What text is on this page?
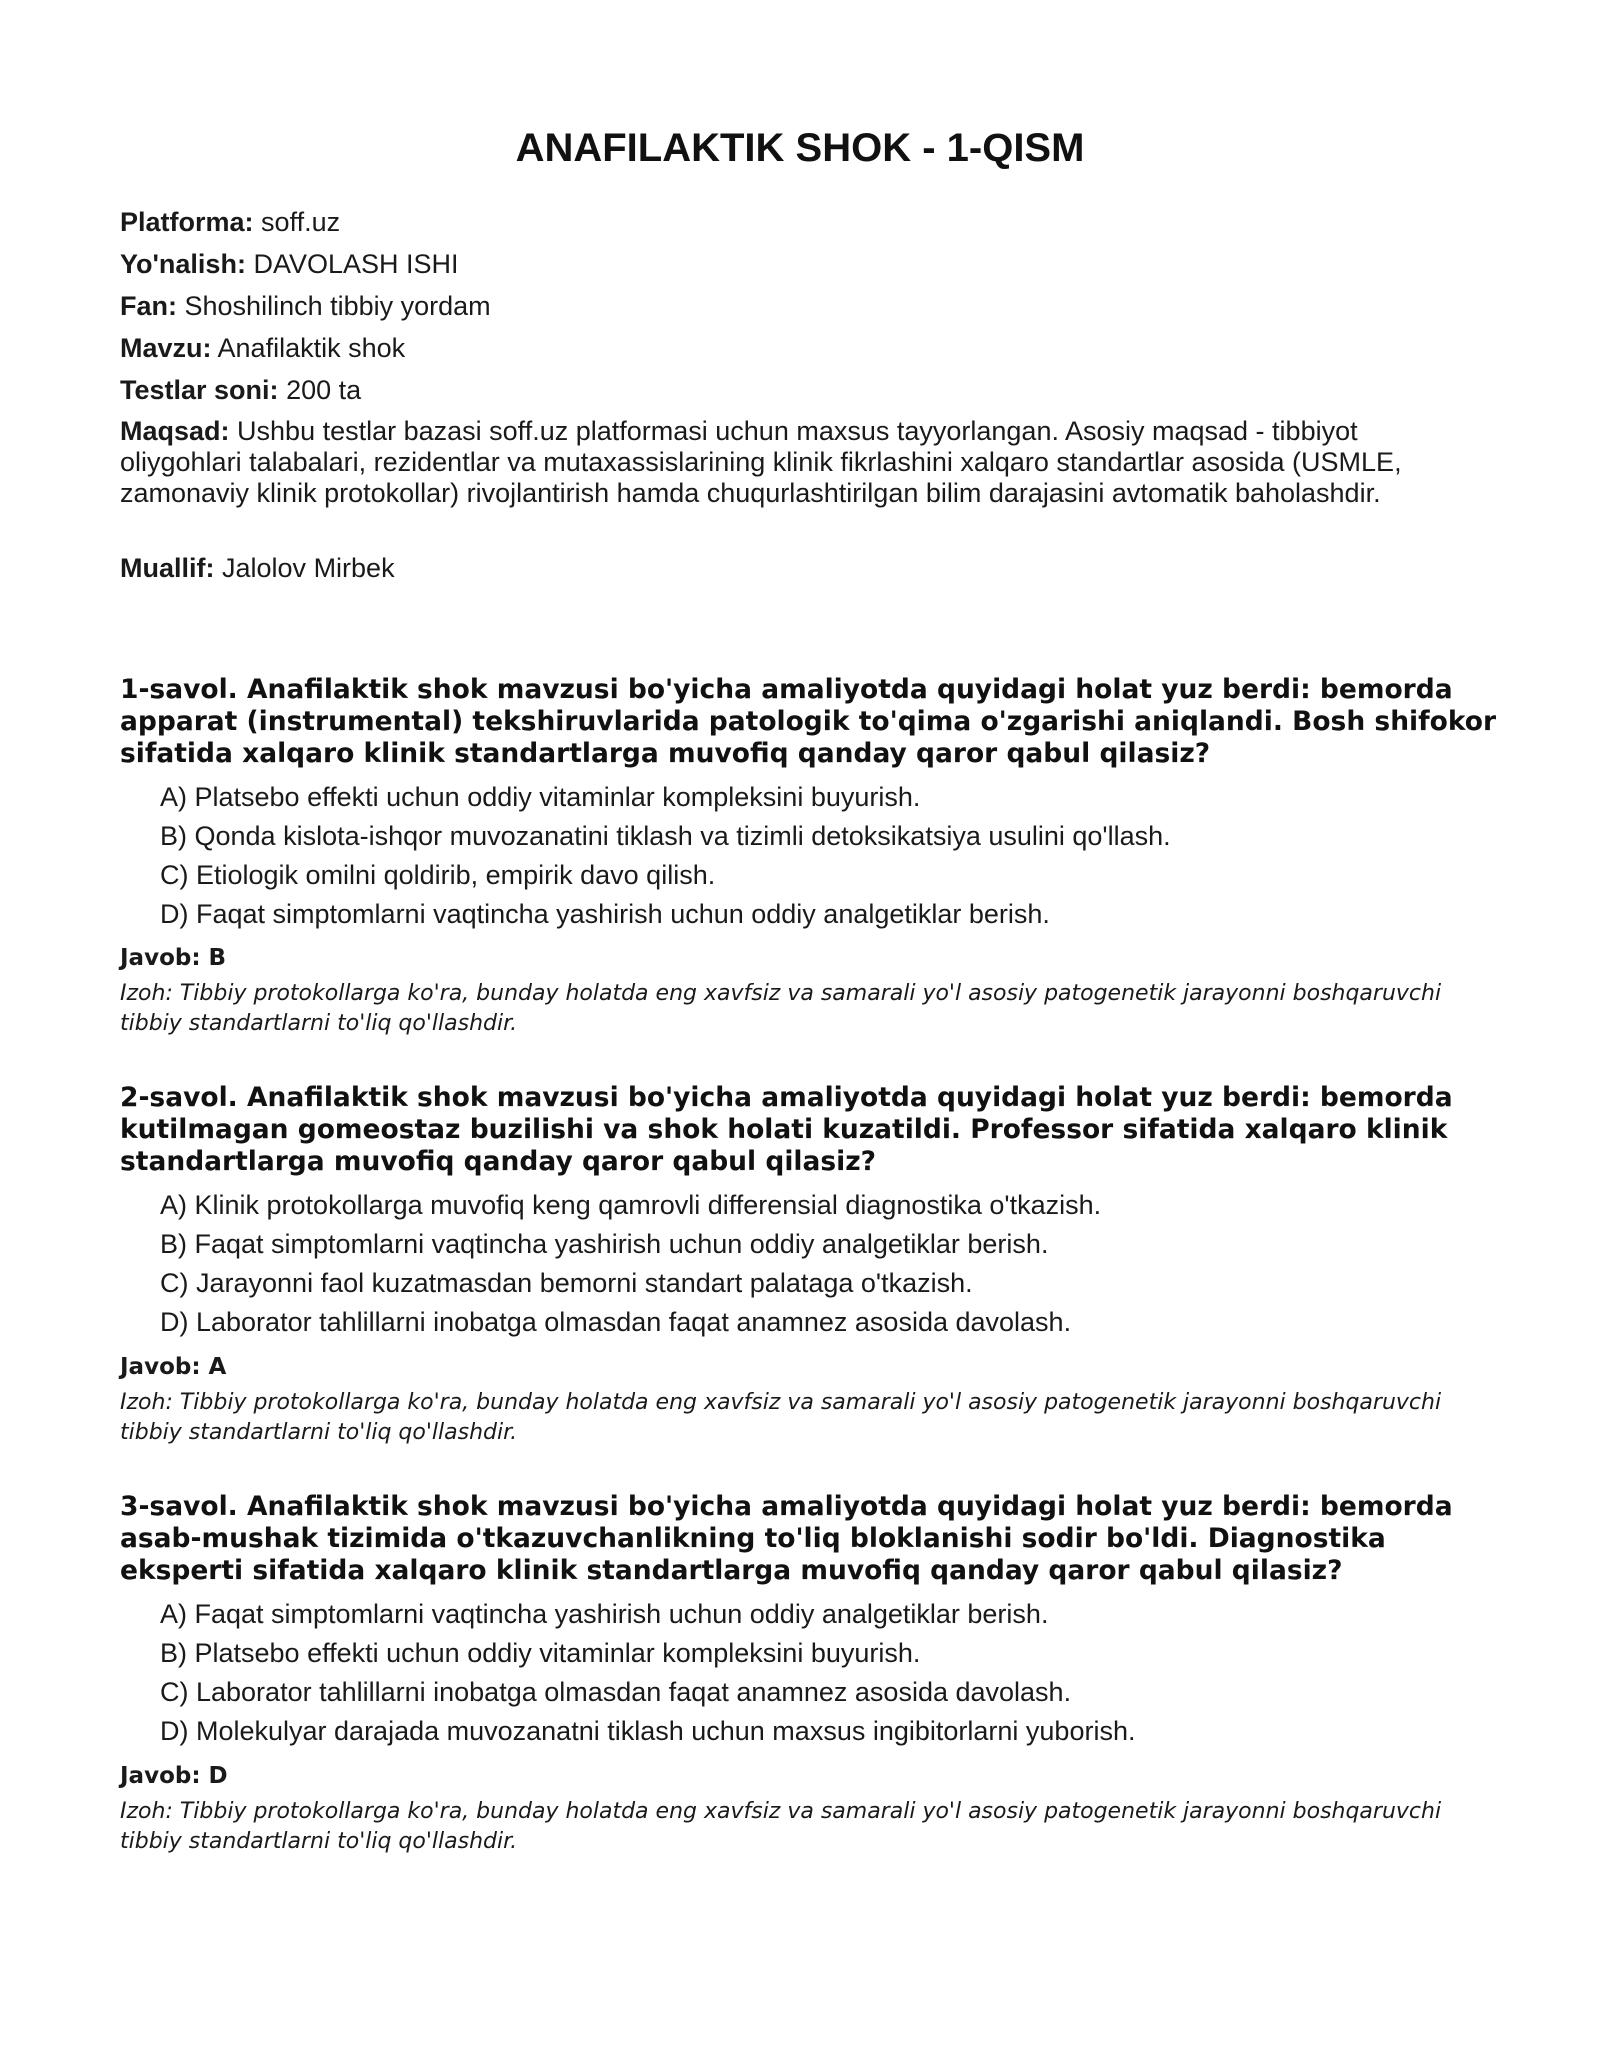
ANAFILAKTIK SHOK - 1-QISM
Platforma: soff.uz
Yo'nalish: DAVOLASH ISHI
Fan: Shoshilinch tibbiy yordam
Mavzu: Anafilaktik shok
Testlar soni: 200 ta
Maqsad: Ushbu testlar bazasi soff.uz platformasi uchun maxsus tayyorlangan. Asosiy maqsad - tibbiyot oliygohlari talabalari, rezidentlar va mutaxassislarining klinik fikrlashini xalqaro standartlar asosida (USMLE, zamonaviy klinik protokollar) rivojlantirish hamda chuqurlashtirilgan bilim darajasini avtomatik baholashdir.
Muallif: Jalolov Mirbek
1-savol. Anafilaktik shok mavzusi bo'yicha amaliyotda quyidagi holat yuz berdi: bemorda apparat (instrumental) tekshiruvlarida patologik to'qima o'zgarishi aniqlandi. Bosh shifokor sifatida xalqaro klinik standartlarga muvofiq qanday qaror qabul qilasiz?
A) Platsebo effekti uchun oddiy vitaminlar kompleksini buyurish.
B) Qonda kislota-ishqor muvozanatini tiklash va tizimli detoksikatsiya usulini qo'llash.
C) Etiologik omilni qoldirib, empirik davo qilish.
D) Faqat simptomlarni vaqtincha yashirish uchun oddiy analgetiklar berish.
Javob: B
Izoh: Tibbiy protokollarga ko'ra, bunday holatda eng xavfsiz va samarali yo'l asosiy patogenetik jarayonni boshqaruvchi tibbiy standartlarni to'liq qo'llashdir.
2-savol. Anafilaktik shok mavzusi bo'yicha amaliyotda quyidagi holat yuz berdi: bemorda kutilmagan gomeostaz buzilishi va shok holati kuzatildi. Professor sifatida xalqaro klinik standartlarga muvofiq qanday qaror qabul qilasiz?
A) Klinik protokollarga muvofiq keng qamrovli differensial diagnostika o'tkazish.
B) Faqat simptomlarni vaqtincha yashirish uchun oddiy analgetiklar berish.
C) Jarayonni faol kuzatmasdan bemorni standart palataga o'tkazish.
D) Laborator tahlillarni inobatga olmasdan faqat anamnez asosida davolash.
Javob: A
Izoh: Tibbiy protokollarga ko'ra, bunday holatda eng xavfsiz va samarali yo'l asosiy patogenetik jarayonni boshqaruvchi tibbiy standartlarni to'liq qo'llashdir.
3-savol. Anafilaktik shok mavzusi bo'yicha amaliyotda quyidagi holat yuz berdi: bemorda asab-mushak tizimida o'tkazuvchanlikning to'liq bloklanishi sodir bo'ldi. Diagnostika eksperti sifatida xalqaro klinik standartlarga muvofiq qanday qaror qabul qilasiz?
A) Faqat simptomlarni vaqtincha yashirish uchun oddiy analgetiklar berish.
B) Platsebo effekti uchun oddiy vitaminlar kompleksini buyurish.
C) Laborator tahlillarni inobatga olmasdan faqat anamnez asosida davolash.
D) Molekulyar darajada muvozanatni tiklash uchun maxsus ingibitorlarni yuborish.
Javob: D
Izoh: Tibbiy protokollarga ko'ra, bunday holatda eng xavfsiz va samarali yo'l asosiy patogenetik jarayonni boshqaruvchi tibbiy standartlarni to'liq qo'llashdir.
